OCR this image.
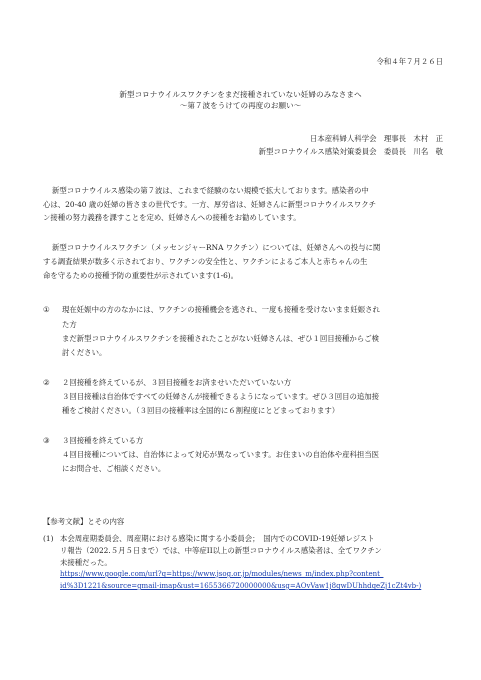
令和４年７月２６日
新型コロナウイルスワクチンをまだ接種されていない妊婦のみなさまへ
～第７波をうけての再度のお願い～
日本産科婦人科学会　理事長　木村　正
新型コロナウイルス感染対策委員会　委員長　川名　敬
新型コロナウイルス感染の第７波は、これまで経験のない規模で拡大しております。感染者の中
心は、20-40 歳の妊婦の皆さまの世代です。一方、厚労省は、妊婦さんに新型コロナウイルスワクチ
ン接種の努力義務を課すことを定め、妊婦さんへの接種をお勧めしています。
新型コロナウイルスワクチン（メッセンジャーRNA ワクチン）については、妊婦さんへの投与に関
する調査結果が数多く示されており、ワクチンの安全性と、ワクチンによるご本人と赤ちゃんの生
命を守るための接種予防の重要性が示されています(1-6)。
① 現在妊娠中の方のなかには、ワクチンの接種機会を逃され、一度も接種を受けないまま妊娠され
た方
まだ新型コロナウイルスワクチンを接種されたことがない妊婦さんは、ぜひ１回目接種からご検
討ください。
② ２回接種を終えているが、３回目接種をお済ませいただいていない方
３回目接種は自治体ですべての妊婦さんが接種できるようになっています。ぜひ３回目の追加接
種をご検討ください。（３回目の接種率は全国的に６割程度にとどまっております）
③ ３回接種を終えている方
４回目接種については、自治体によって対応が異なっています。お住まいの自治体や産科担当医
にお問合せ、ご相談ください。
【参考文献】とその内容
(1) 本会周産期委員会、周産期における感染に関する小委員会；　国内でのCOVID-19妊婦レジスト
リ報告（2022.５月５日まで）では、中等症II以上の新型コロナウイルス感染者は、全てワクチン
未接種だった。
https://www.google.com/url?q=https://www.jsog.or.jp/modules/news_m/index.php?content_
id%3D1221&source=gmail-imap&ust=1655366720000000&usg=AOvVaw1j8qwDUhhdqeZj1cZt4vb-)
